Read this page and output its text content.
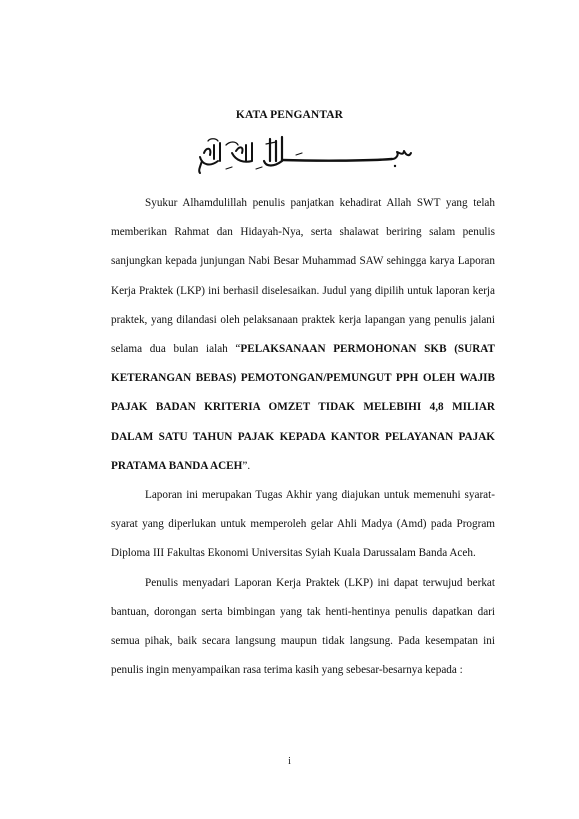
KATA PENGANTAR
بِسْمِ اللّٰهِ الرَّحْمٰنِ الرَّحِيْمِ

Syukur Alhamdulillah penulis panjatkan kehadirat Allah SWT yang telah memberikan Rahmat dan Hidayah-Nya, serta shalawat beriring salam penulis sanjungkan kepada junjungan Nabi Besar Muhammad SAW sehingga karya Laporan Kerja Praktek (LKP) ini berhasil diselesaikan. Judul yang dipilih untuk laporan kerja praktek, yang dilandasi oleh pelaksanaan praktek kerja lapangan yang penulis jalani selama dua bulan ialah “PELAKSANAAN PERMOHONAN SKB (SURAT KETERANGAN BEBAS) PEMOTONGAN/PEMUNGUT PPH OLEH WAJIB PAJAK BADAN KRITERIA OMZET TIDAK MELEBIHI 4,8 MILIAR DALAM SATU TAHUN PAJAK KEPADA KANTOR PELAYANAN PAJAK PRATAMA BANDA ACEH”.

Laporan ini merupakan Tugas Akhir yang diajukan untuk memenuhi syarat-syarat yang diperlukan untuk memperoleh gelar Ahli Madya (Amd) pada Program Diploma III Fakultas Ekonomi Universitas Syiah Kuala Darussalam Banda Aceh.

Penulis menyadari Laporan Kerja Praktek (LKP) ini dapat terwujud berkat bantuan, dorongan serta bimbingan yang tak henti-hentinya penulis dapatkan dari semua pihak, baik secara langsung maupun tidak langsung. Pada kesempatan ini penulis ingin menyampaikan rasa terima kasih yang sebesar-besarnya kepada :

i
